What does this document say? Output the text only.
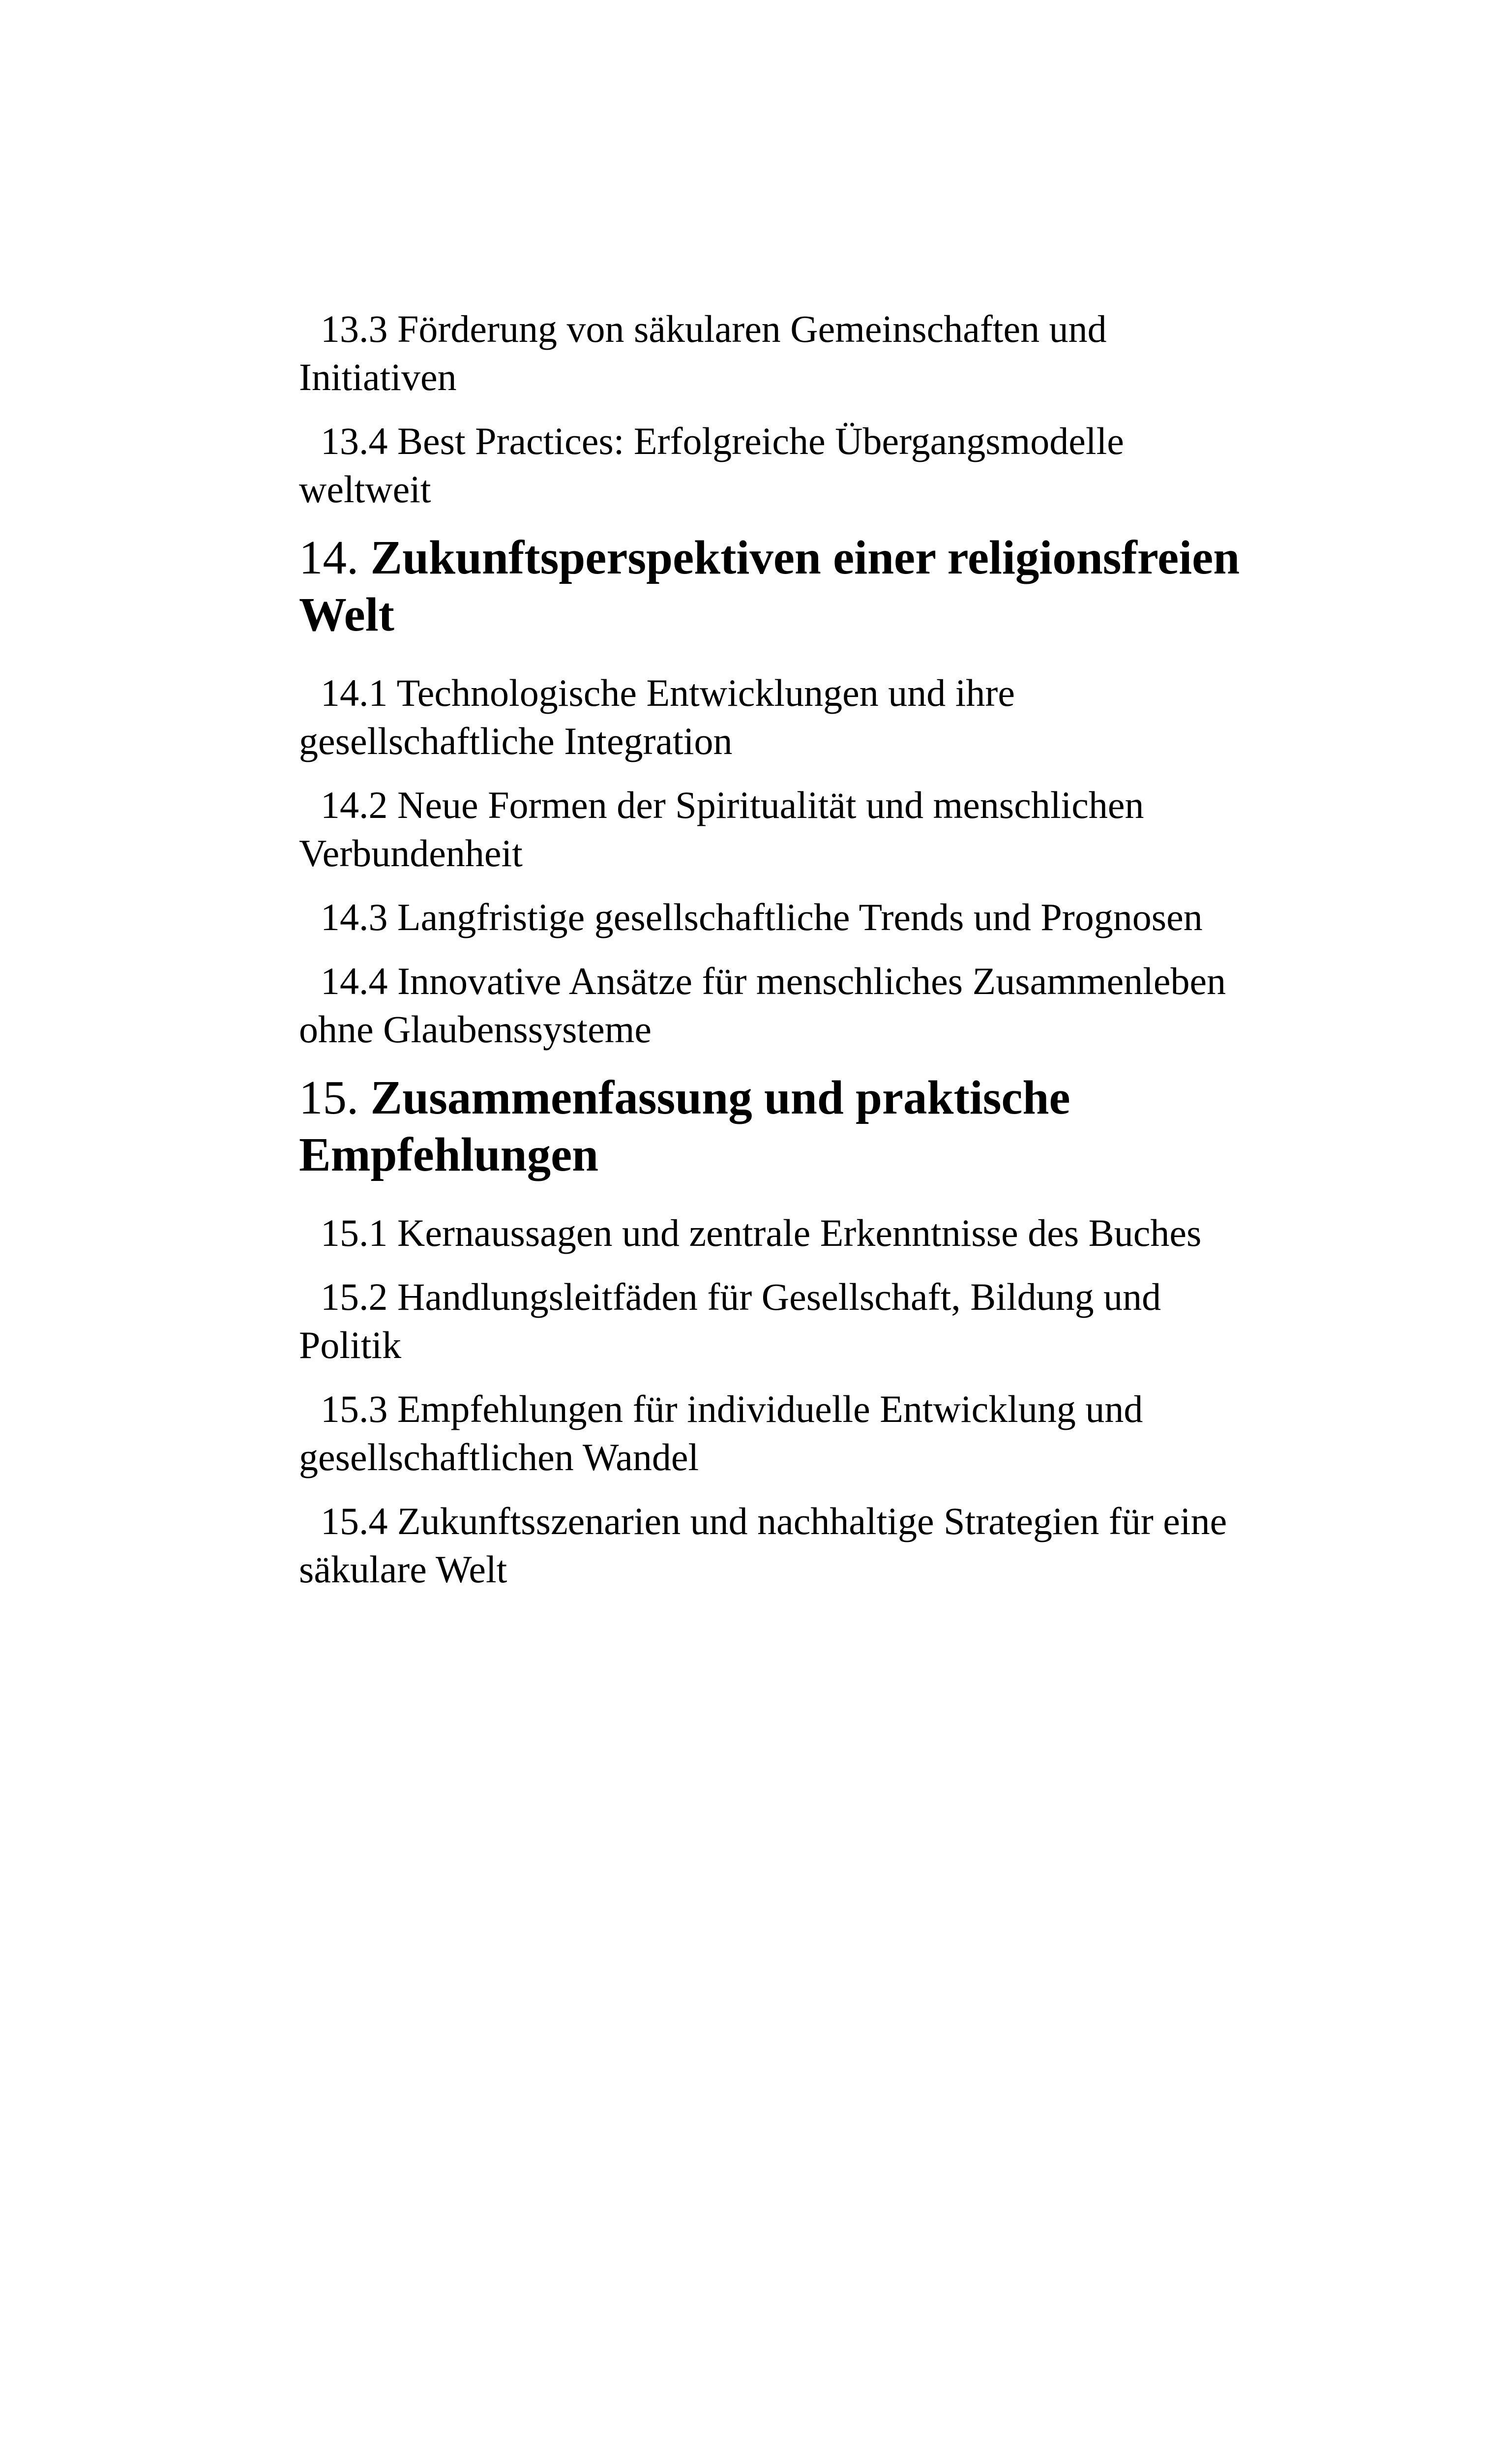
13.3 Förderung von säkularen Gemeinschaften und Initiativen

13.4 Best Practices: Erfolgreiche Übergangsmodelle weltweit

14. Zukunftsperspektiven einer religionsfreien Welt

14.1 Technologische Entwicklungen und ihre gesellschaftliche Integration

14.2 Neue Formen der Spiritualität und menschlichen Verbundenheit

14.3 Langfristige gesellschaftliche Trends und Prognosen

14.4 Innovative Ansätze für menschliches Zusammenleben ohne Glaubenssysteme

15. Zusammenfassung und praktische Empfehlungen

15.1 Kernaussagen und zentrale Erkenntnisse des Buches

15.2 Handlungsleitfäden für Gesellschaft, Bildung und Politik

15.3 Empfehlungen für individuelle Entwicklung und gesellschaftlichen Wandel

15.4 Zukunftsszenarien und nachhaltige Strategien für eine säkulare Welt
